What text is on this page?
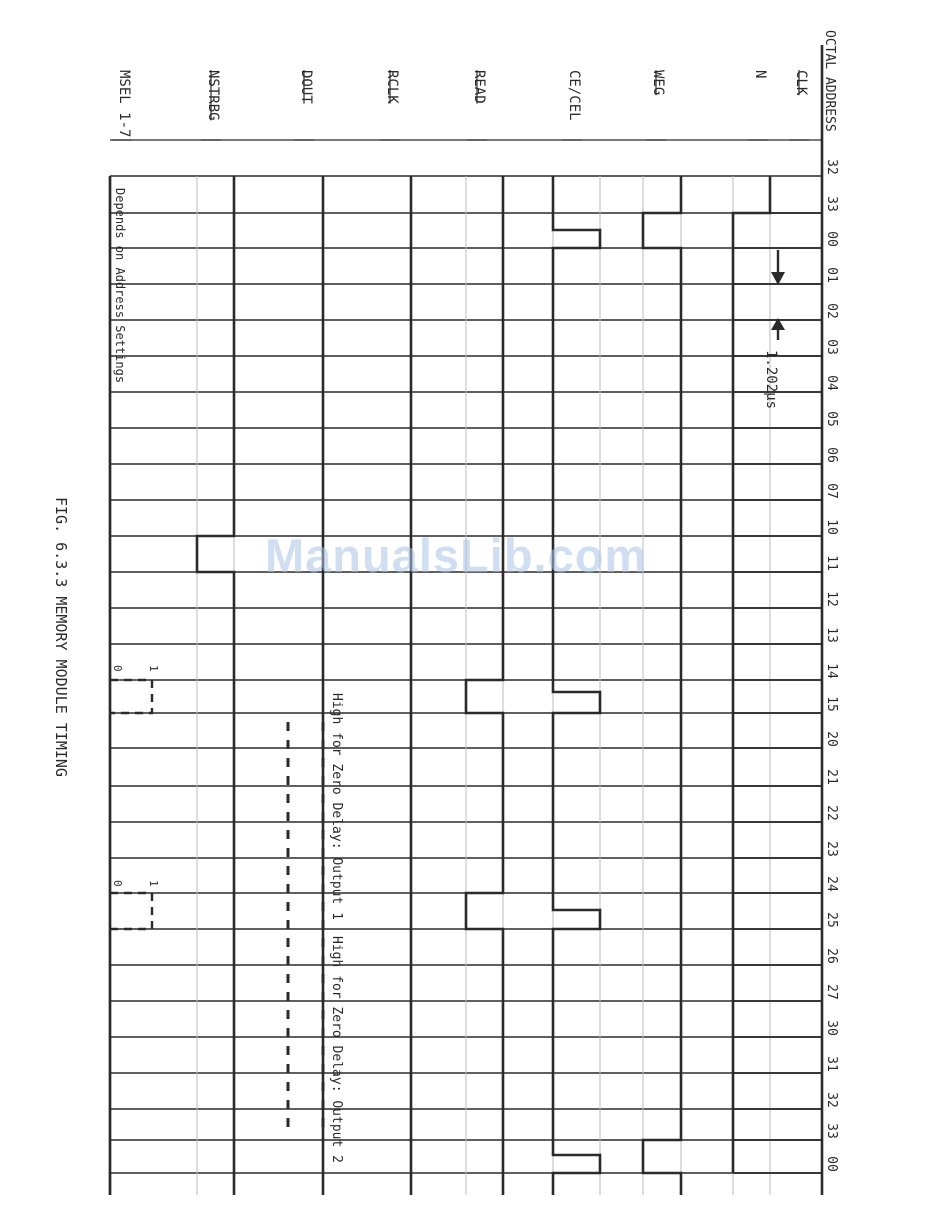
32
33
00
01
02
03
04
05
06
07
10
11
12
13
14
15
20
21
22
23
24
25
26
27
30
31
32
33
00
OCTAL ADDRESS
CLK
N
WEG
CE/CEL
READ
RCLK
DOUT
NSTRBG
MSEL 1-7
1.202µs
Depends on Address Settings
0 1
0 1	High for Zero Delay: Output 1
High for Zero Delay: Output 2
FIG. 6.3.3 MEMORY MODULE TIMING	ManualsLib.com
